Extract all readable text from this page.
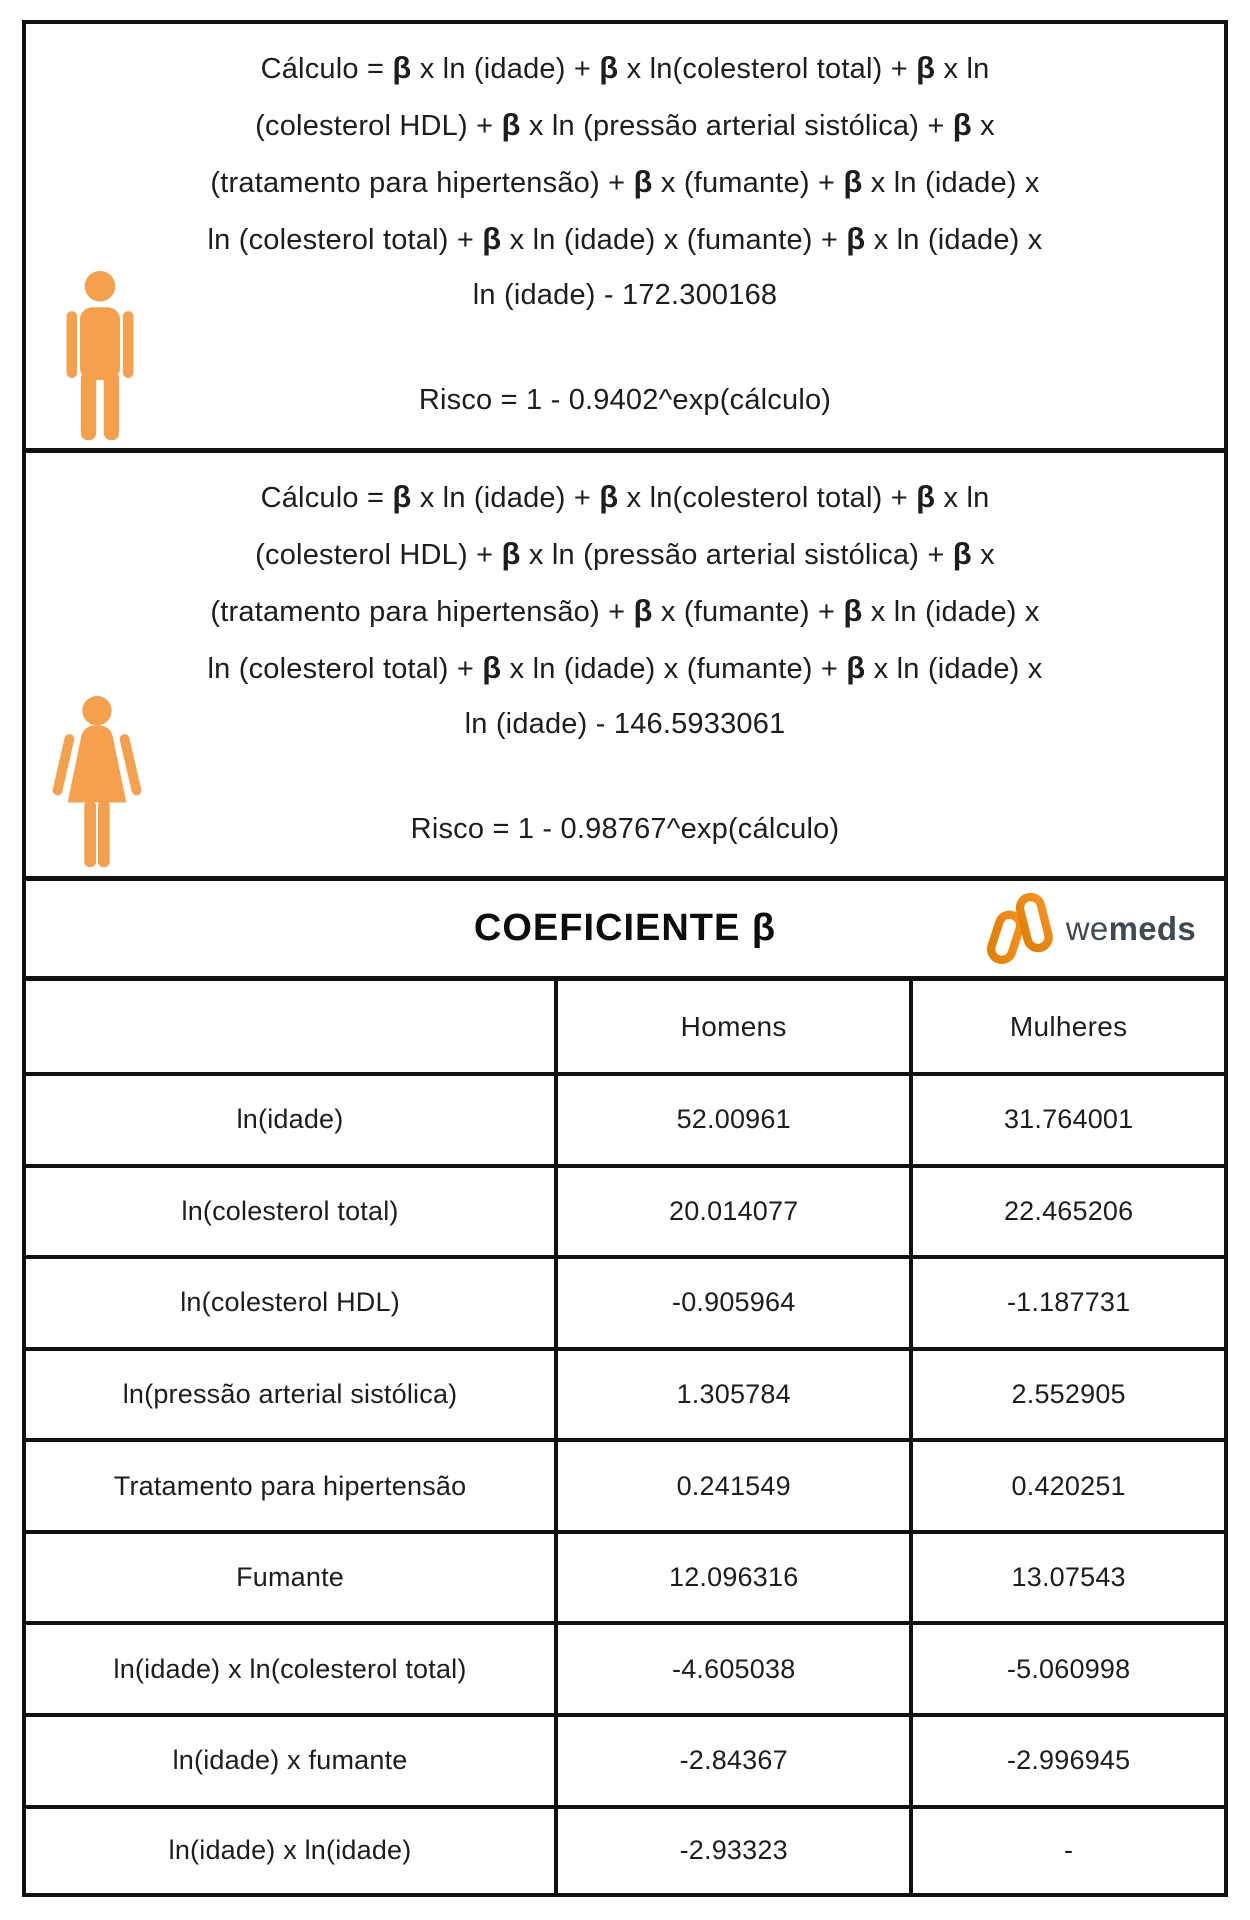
Cálculo = β x ln (idade) + β x ln(colesterol total) + β x ln
(colesterol HDL) + β x ln (pressão arterial sistólica) + β x
(tratamento para hipertensão) + β x (fumante) + β x ln (idade) x
ln (colesterol total) + β x ln (idade) x (fumante) + β x ln (idade) x
ln (idade) - 172.300168
Risco = 1 - 0.9402^exp(cálculo)
Cálculo = β x ln (idade) + β x ln(colesterol total) + β x ln
(colesterol HDL) + β x ln (pressão arterial sistólica) + β x
(tratamento para hipertensão) + β x (fumante) + β x ln (idade) x
ln (colesterol total) + β x ln (idade) x (fumante) + β x ln (idade) x
ln (idade) - 146.5933061
Risco = 1 - 0.98767^exp(cálculo)
COEFICIENTE β	wemeds
	Homens	Mulheres
ln(idade)	52.00961	31.764001
ln(colesterol total)	20.014077	22.465206
ln(colesterol HDL)	-0.905964	-1.187731
ln(pressão arterial sistólica)	1.305784	2.552905
Tratamento para hipertensão	0.241549	0.420251
Fumante	12.096316	13.07543
ln(idade) x ln(colesterol total)	-4.605038	-5.060998
ln(idade) x fumante	-2.84367	-2.996945
ln(idade) x ln(idade)	-2.93323	-
